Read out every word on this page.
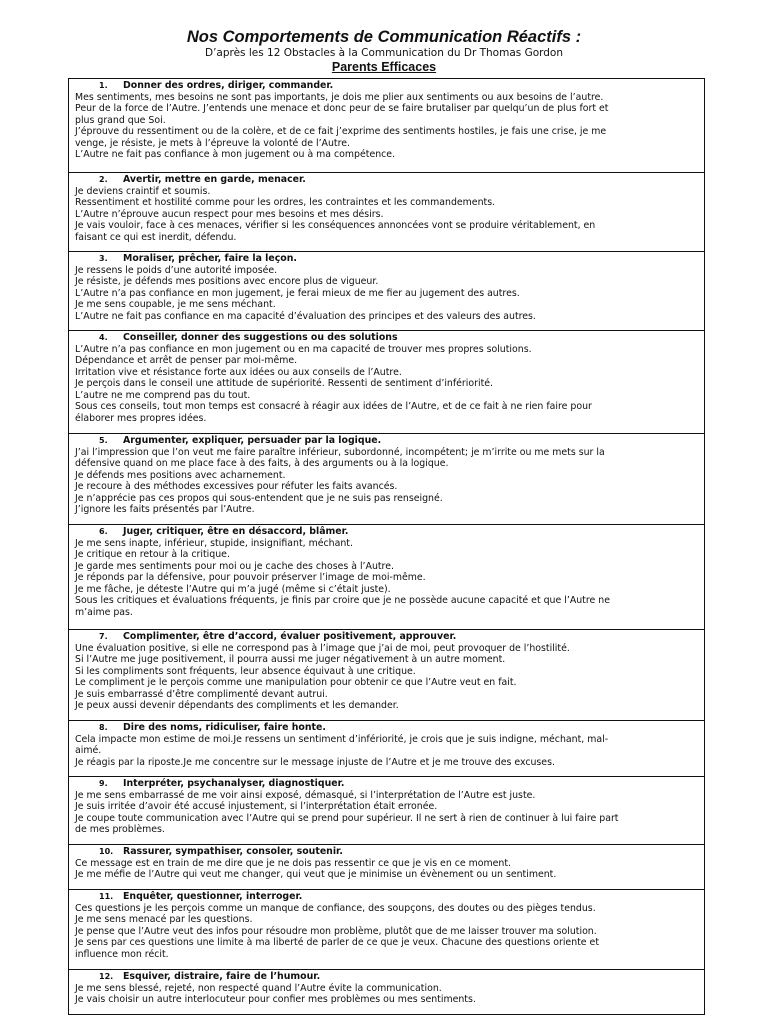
Nos Comportements de Communication Réactifs :

D’après les 12 Obstacles à la Communication du Dr Thomas Gordon

Parents Efficaces

1. Donner des ordres, diriger, commander.

Mes sentiments, mes besoins ne sont pas importants, je dois me plier aux sentiments ou aux besoins de l’autre.

Peur de la force de l’Autre. J’entends une menace et donc peur de se faire brutaliser par quelqu’un de plus fort et

plus grand que Soi.

J’éprouve du ressentiment ou de la colère, et de ce fait j’exprime des sentiments hostiles, je fais une crise, je me

venge, je résiste, je mets à l’épreuve la volonté de l’Autre.

L’Autre ne fait pas confiance à mon jugement ou à ma compétence.

2. Avertir, mettre en garde, menacer.

Je deviens craintif et soumis.

Ressentiment et hostilité comme pour les ordres, les contraintes et les commandements.

L’Autre n’éprouve aucun respect pour mes besoins et mes désirs.

Je vais vouloir, face à ces menaces, vérifier si les conséquences annoncées vont se produire véritablement, en

faisant ce qui est inerdit, défendu.

3. Moraliser, prêcher, faire la leçon.

Je ressens le poids d’une autorité imposée.

Je résiste, je défends mes positions avec encore plus de vigueur.

L’Autre n’a pas confiance en mon jugement, je ferai mieux de me fier au jugement des autres.

Je me sens coupable, je me sens méchant.

L’Autre ne fait pas confiance en ma capacité d’évaluation des principes et des valeurs des autres.

4. Conseiller, donner des suggestions ou des solutions

L’Autre n’a pas confiance en mon jugement ou en ma capacité de trouver mes propres solutions.

Dépendance et arrêt de penser par moi-même.

Irritation vive et résistance forte aux idées ou aux conseils de l’Autre.

Je perçois dans le conseil une attitude de supériorité. Ressenti de sentiment d’infériorité.

L’autre ne me comprend pas du tout.

Sous ces conseils, tout mon temps est consacré à réagir aux idées de l’Autre, et de ce fait à ne rien faire pour

élaborer mes propres idées.

5. Argumenter, expliquer, persuader par la logique.

J’ai l’impression que l’on veut me faire paraître inférieur, subordonné, incompétent; je m’irrite ou me mets sur la

défensive quand on me place face à des faits, à des arguments ou à la logique.

Je défends mes positions avec acharnement.

Je recoure à des méthodes excessives pour réfuter les faits avancés.

Je n’apprécie pas ces propos qui sous-entendent que je ne suis pas renseigné.

J’ignore les faits présentés par l’Autre.

6. Juger, critiquer, être en désaccord, blâmer.

Je me sens inapte, inférieur, stupide, insignifiant, méchant.

Je critique en retour à la critique.

Je garde mes sentiments pour moi ou je cache des choses à l’Autre.

Je réponds par la défensive, pour pouvoir préserver l’image de moi-même.

Je me fâche, je déteste l’Autre qui m’a jugé (même si c’était juste).

Sous les critiques et évaluations fréquents, je finis par croire que je ne possède aucune capacité et que l’Autre ne

m’aime pas.

7. Complimenter, être d’accord, évaluer positivement, approuver.

Une évaluation positive, si elle ne correspond pas à l’image que j’ai de moi, peut provoquer de l’hostilité.

Si l’Autre me juge positivement, il pourra aussi me juger négativement à un autre moment.

Si les compliments sont fréquents, leur absence équivaut à une critique.

Le compliment je le perçois comme une manipulation pour obtenir ce que l’Autre veut en fait.

Je suis embarrassé d’être complimenté devant autrui.

Je peux aussi devenir dépendants des compliments et les demander.

8. Dire des noms, ridiculiser, faire honte.

Cela impacte mon estime de moi.Je ressens un sentiment d’infériorité, je crois que je suis indigne, méchant, mal-

aimé.

Je réagis par la riposte.Je me concentre sur le message injuste de l’Autre et je me trouve des excuses.

9. Interpréter, psychanalyser, diagnostiquer.

Je me sens embarrassé de me voir ainsi exposé, démasqué, si l’interprétation de l’Autre est juste.

Je suis irritée d’avoir été accusé injustement, si l’interprétation était erronée.

Je coupe toute communication avec l’Autre qui se prend pour supérieur. Il ne sert à rien de continuer à lui faire part

de mes problèmes.

10. Rassurer, sympathiser, consoler, soutenir.

Ce message est en train de me dire que je ne dois pas ressentir ce que je vis en ce moment.

Je me méfie de l’Autre qui veut me changer, qui veut que je minimise un évènement ou un sentiment.

11. Enquêter, questionner, interroger.

Ces questions je les perçois comme un manque de confiance, des soupçons, des doutes ou des pièges tendus.

Je me sens menacé par les questions.

Je pense que l’Autre veut des infos pour résoudre mon problème, plutôt que de me laisser trouver ma solution.

Je sens par ces questions une limite à ma liberté de parler de ce que je veux. Chacune des questions oriente et

influence mon récit.

12. Esquiver, distraire, faire de l’humour.

Je me sens blessé, rejeté, non respecté quand l’Autre évite la communication.

Je vais choisir un autre interlocuteur pour confier mes problèmes ou mes sentiments.
